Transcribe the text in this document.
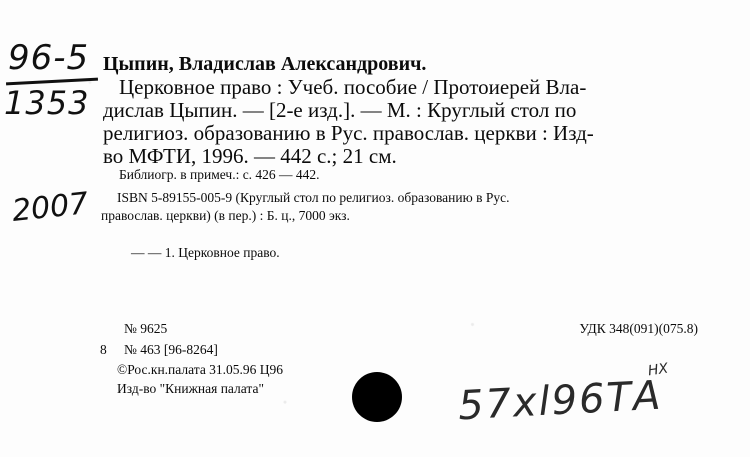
96-5
1353
2007
Цыпин, Владислав Александрович.
Церковное право : Учеб. пособие / Протоиерей Вла-
дислав Цыпин. — [2-е изд.]. — М. : Круглый стол по
религиоз. образованию в Рус. православ. церкви : Изд-
во МФТИ, 1996. — 442 с.; 21 см.
Библиогр. в примеч.: с. 426 — 442.
ISBN 5-89155-005-9 (Круглый стол по религиоз. образованию в Рус.
православ. церкви) (в пер.) : Б. ц., 7000 экз.
— — 1. Церковное право.
№ 9625	УДК 348(091)(075.8)
8 № 463 [96-8264]
©Рос.кн.палата 31.05.96 Ц96
Изд-во "Книжная палата"	57xl96ТА
НХ
